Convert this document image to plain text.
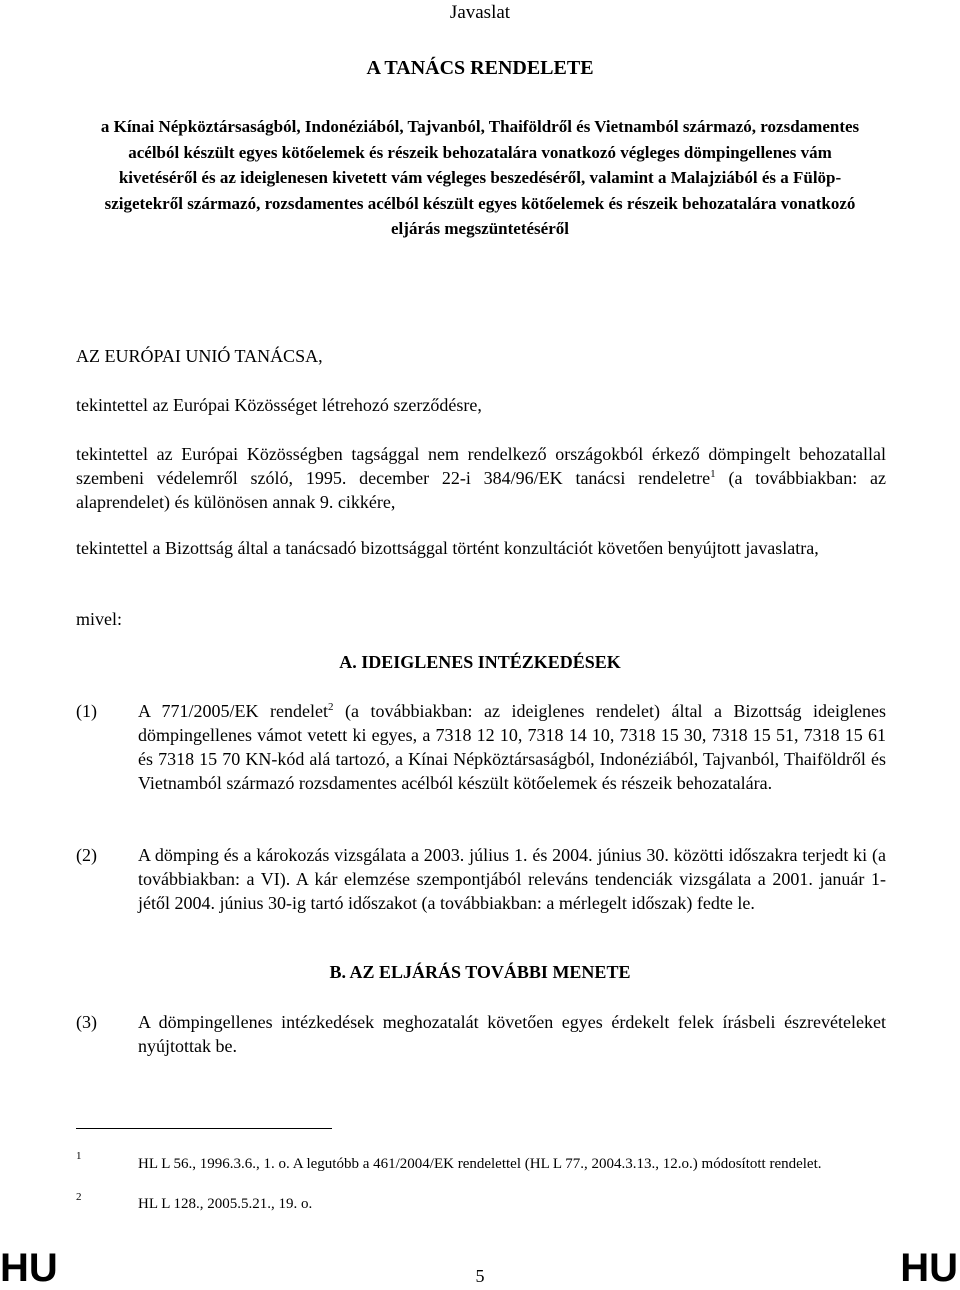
Javaslat
A TANÁCS RENDELETE
a Kínai Népköztársaságból, Indonéziából, Tajvanból, Thaiföldről és Vietnamból származó, rozsdamentes acélból készült egyes kötőelemek és részeik behozatalára vonatkozó végleges dömpingellenes vám kivetéséről és az ideiglenesen kivetett vám végleges beszedéséről, valamint a Malajziából és a Fülöp-szigetekről származó, rozsdamentes acélból készült egyes kötőelemek és részeik behozatalára vonatkozó eljárás megszüntetéséről

AZ EURÓPAI UNIÓ TANÁCSA,

tekintettel az Európai Közösséget létrehozó szerződésre,

tekintettel az Európai Közösségben tagsággal nem rendelkező országokból érkező dömpingelt behozatallal szembeni védelemről szóló, 1995. december 22-i 384/96/EK tanácsi rendeletre$^1$ (a továbbiakban: az alaprendelet) és különösen annak 9. cikkére,

tekintettel a Bizottság által a tanácsadó bizottsággal történt konzultációt követően benyújtott javaslatra,

mivel:

A. IDEIGLENES INTÉZKEDÉSEK
(1) A 771/2005/EK rendelet$^2$ (a továbbiakban: az ideiglenes rendelet) által a Bizottság ideiglenes dömpingellenes vámot vetett ki egyes, a 7318 12 10, 7318 14 10, 7318 15 30, 7318 15 51, 7318 15 61 és 7318 15 70 KN-kód alá tartozó, a Kínai Népköztársaságból, Indonéziából, Tajvanból, Thaiföldről és Vietnamból származó rozsdamentes acélból készült kötőelemek és részeik behozatalára.
(2) A dömping és a károkozás vizsgálata a 2003. július 1. és 2004. június 30. közötti időszakra terjedt ki (a továbbiakban: a VI). A kár elemzése szempontjából releváns tendenciák vizsgálata a 2001. január 1-jétől 2004. június 30-ig tartó időszakot (a továbbiakban: a mérlegelt időszak) fedte le.
B. AZ ELJÁRÁS TOVÁBBI MENETE
(3) A dömpingellenes intézkedések meghozatalát követően egyes érdekelt felek írásbeli észrevételeket nyújtottak be.
1	HL L 56., 1996.3.6., 1. o. A legutóbb a 461/2004/EK rendelettel (HL L 77., 2004.3.13., 12.o.) módosított rendelet.
2	HL L 128., 2005.5.21., 19. o.
HU	5	HU
